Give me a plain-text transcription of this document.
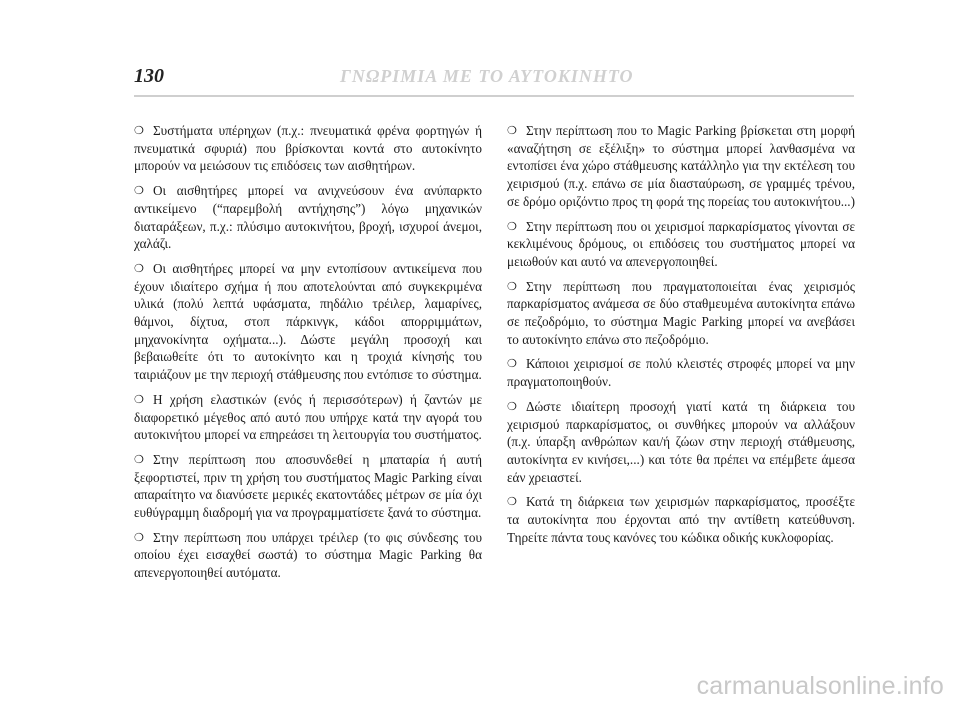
130	ΓΝΩΡΙΜΙΑ ΜΕ ΤΟ ΑΥΤΟΚΙΝΗΤΟ

❍ Συστήματα υπέρηχων (π.χ.: πνευματικά φρένα φορτηγών ή πνευματικά σφυριά) που βρίσκονται κοντά στο αυτοκίνητο μπορούν να μειώσουν τις επιδόσεις των αισθητήρων.

❍ Οι αισθητήρες μπορεί να ανιχνεύσουν ένα ανύπαρκτο αντικείμενο (“παρεμβολή αντήχησης”) λόγω μηχανικών διαταράξεων, π.χ.: πλύσιμο αυτοκινήτου, βροχή, ισχυροί άνεμοι, χαλάζι.

❍ Οι αισθητήρες μπορεί να μην εντοπίσουν αντικείμενα που έχουν ιδιαίτερο σχήμα ή που αποτελούνται από συγκεκριμένα υλικά (πολύ λεπτά υφάσματα, πηδάλιο τρέιλερ, λαμαρίνες, θάμνοι, δίχτυα, στοπ πάρκινγκ, κάδοι απορριμμάτων, μηχανοκίνητα οχήματα...). Δώστε μεγάλη προσοχή και βεβαιωθείτε ότι το αυτοκίνητο και η τροχιά κίνησής του ταιριάζουν με την περιοχή στάθμευσης που εντόπισε το σύστημα.

❍ Η χρήση ελαστικών (ενός ή περισσότερων) ή ζαντών με διαφορετικό μέγεθος από αυτό που υπήρχε κατά την αγορά του αυτοκινήτου μπορεί να επηρεάσει τη λειτουργία του συστήματος.

❍ Στην περίπτωση που αποσυνδεθεί η μπαταρία ή αυτή ξεφορτιστεί, πριν τη χρήση του συστήματος Magic Parking είναι απαραίτητο να διανύσετε μερικές εκατοντάδες μέτρων σε μία όχι ευθύγραμμη διαδρομή για να προγραμματίσετε ξανά το σύστημα.

❍ Στην περίπτωση που υπάρχει τρέιλερ (το φις σύνδεσης του οποίου έχει εισαχθεί σωστά) το σύστημα Magic Parking θα απενεργοποιηθεί αυτόματα.

❍ Στην περίπτωση που το Magic Parking βρίσκεται στη μορφή «αναζήτηση σε εξέλιξη» το σύστημα μπορεί λανθασμένα να εντοπίσει ένα χώρο στάθμευσης κατάλληλο για την εκτέλεση του χειρισμού (π.χ. επάνω σε μία διασταύρωση, σε γραμμές τρένου, σε δρόμο οριζόντιο προς τη φορά της πορείας του αυτοκινήτου...)

❍ Στην περίπτωση που οι χειρισμοί παρκαρίσματος γίνονται σε κεκλιμένους δρόμους, οι επιδόσεις του συστήματος μπορεί να μειωθούν και αυτό να απενεργοποιηθεί.

❍ Στην περίπτωση που πραγματοποιείται ένας χειρισμός παρκαρίσματος ανάμεσα σε δύο σταθμευμένα αυτοκίνητα επάνω σε πεζοδρόμιο, το σύστημα Magic Parking μπορεί να ανεβάσει το αυτοκίνητο επάνω στο πεζοδρόμιο.

❍ Κάποιοι χειρισμοί σε πολύ κλειστές στροφές μπορεί να μην πραγματοποιηθούν.

❍ Δώστε ιδιαίτερη προσοχή γιατί κατά τη διάρκεια του χειρισμού παρκαρίσματος, οι συνθήκες μπορούν να αλλάξουν (π.χ. ύπαρξη ανθρώπων και/ή ζώων στην περιοχή στάθμευσης, αυτοκίνητα εν κινήσει,...) και τότε θα πρέπει να επέμβετε άμεσα εάν χρειαστεί.

❍ Κατά τη διάρκεια των χειρισμών παρκαρίσματος, προσέξτε τα αυτοκίνητα που έρχονται από την αντίθετη κατεύθυνση. Τηρείτε πάντα τους κανόνες του κώδικα οδικής κυκλοφορίας.

carmanualsonline.info
